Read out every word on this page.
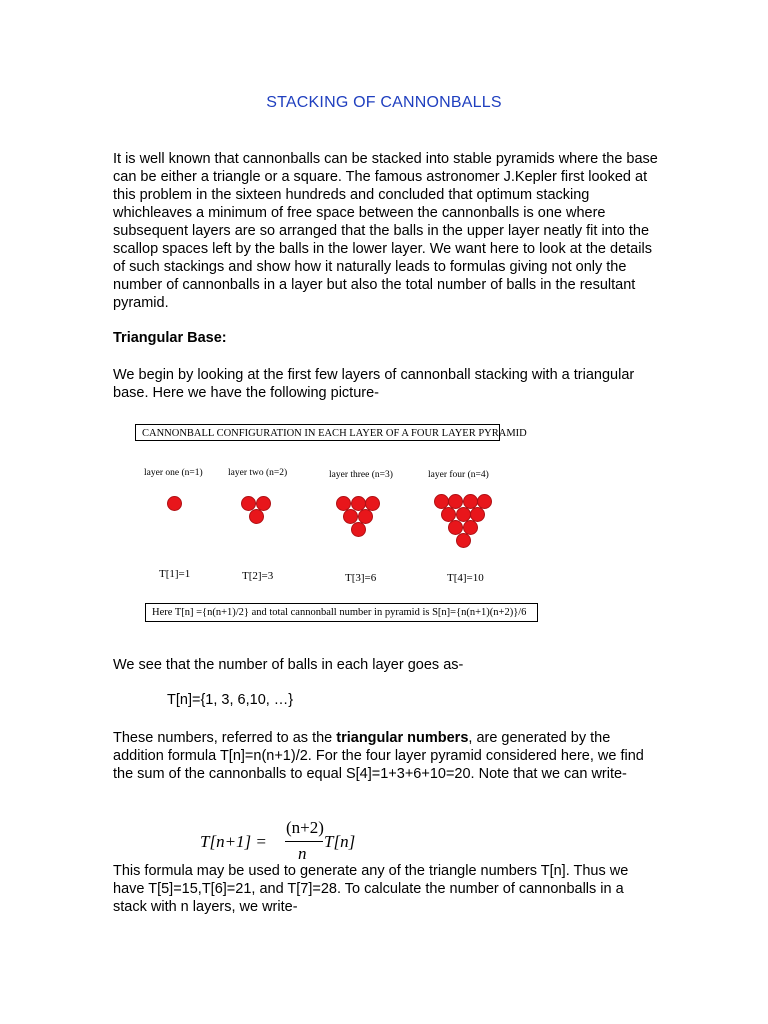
STACKING OF CANNONBALLS
It is well known that cannonballs can be stacked into stable pyramids where the base can be either a triangle or a square. The famous astronomer J.Kepler first looked at this problem in the sixteen hundreds and concluded that optimum stacking whichleaves a minimum of free space between the cannonballs is one where subsequent layers are so arranged that the balls in the upper layer neatly fit into the scallop spaces left by the balls in the lower layer. We want here to look at the details of such stackings and show how it naturally leads to formulas giving not only the number of cannonballs in a layer but also the total number of balls in the resultant pyramid.
Triangular Base:
We begin by looking at the first few layers of cannonball stacking with a triangular base. Here we have the following picture-
CANNONBALL CONFIGURATION IN EACH LAYER OF A FOUR LAYER PYRAMID
layer one (n=1)	layer two (n=2)	layer three (n=3)	layer four (n=4)
T[1]=1	T[2]=3	T[3]=6	T[4]=10
Here T[n] ={n(n+1)/2} and total cannonball number in pyramid is S[n]={n(n+1)(n+2)}/6
We see that the number of balls in each layer goes as-
T[n]={1, 3, 6,10, …}
These numbers, referred to as the triangular numbers, are generated by the addition formula T[n]=n(n+1)/2. For the four layer pyramid considered here, we find the sum of the cannonballs to equal S[4]=1+3+6+10=20. Note that we can write-
T[n+1] =
(n+2)
n
T[n]
This formula may be used to generate any of the triangle numbers T[n]. Thus we have T[5]=15,T[6]=21, and T[7]=28. To calculate the number of cannonballs in a stack with n layers, we write-
